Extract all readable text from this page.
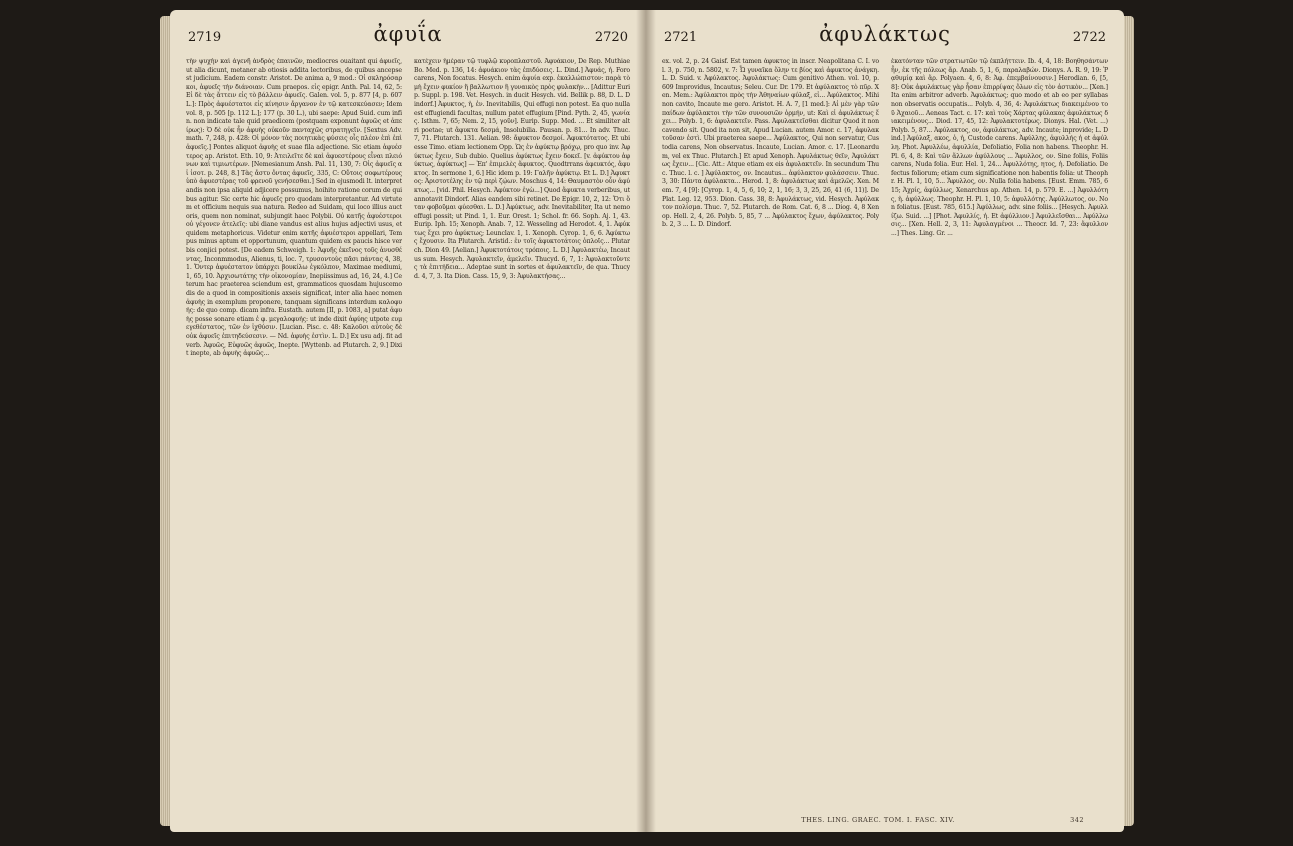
2719	ἀφυΐα	2720
τὴν ψυχὴν καὶ ἀγενῆ ἀνδρὸς ἐπαινῶν, mediocres ouaitant qui ἀφυεῖς, ut alia dicunt, metaner ab otiosis addita lectoribus, de quibus ancepsest judicium. Eadem constr. Aristot. De anima a, 9 mod.: Οἱ σκληρόσαρκοι, ἀφυεῖς τὴν διάνοιαν. Cum praepos. εἰς epigr. Anth. Pal. 14, 62, 5: Εἰ δὲ τὰς ἄττειν εἰς τὸ βάλλειν ἀφυεῖς. Galen. vol. 5, p. 877 [4, p. 607 L.]: Πρὸς ἀφυέστατοι εἰς κίνησιν ἄργανον ἐν τῷ κατεσκεύασεν; Idem vol. 8, p. 505 [p. 112 L.]; 177 (p. 30 L.), ubi saepe: Apud Suid. cum infin. non indicate tale quid praedicem (postquam exponunt ἀφυῶς et ἀπείρως): Ὁ δὲ οὐκ ἦν ἀφυὴς οὐκοῦν πανταχῶς στρατηγεῖν. [Sextus Adv. math. 7, 248, p. 428: Οἱ μόνον τὰς ποιητικὰς φύσεις οἶς πλέον ἐπὶ ἐπὶ ἀφυεῖς.] Pontes aliquot ἀφυὴς et suae fila adjectione. Sic etiam ἀφυέστερος ap. Aristot. Eth. 10, 9: Ἀτειλεῖτε δὲ καὶ ἀφυεστέρους εἶναι πλειόνων καὶ τιμιωτέρων. [Nemesianum Ansh. Pal. 11, 130, 7: Οἱς ἀφυεῖς αἱ ἰσοτ. p. 248, 8.] Τὰς ἄστυ ὄντας ἀφυεῖς, 335, C: Οὔτοις σοφωτέρους ὑπὸ ἀφυεστέρας τοῦ φρενοῦ γενήσεσθαι.] Sed in ejusmodi lt. interpretandis non ipsa aliquid adjicere possumus, hoihito ratione corum de quibus agitur. Sic certe hic ἀφυεῖς pro quodam interpretantur. Ad virtutem et officium nequis sua natura. Redeo ad Suidam, qui loco illius auctoris, quem non nominat, subjungit haec Polybii. Οὐ κατῆς ἀφυέστεροι οὐ γέγονεν ἀτελεῖς: ubi diane vandus est alius hujus adjectivi usus, et quidem metaphoricus. Videtur enim κατῆς ἀφυέστεροι appellari, Tempus minus aptum et opportunum, quantum quidem ex paucis hisce verbis conjici potest. [De eadem Schweigh. 1: Ἀφυῆς ἐκεῖνος τοῦς ἀνυσθέντας, Inconmmodus, Alienus, ti, loc. 7, τρυσοντοὺς πᾶσι πάντας 4, 38, 1. Ὄντερ ἀφυέστατον ὑπάρχει βουκίλω ἐγκόλπον, Maximae mediumi, 1, 65, 10. Ἀρχισωτάτης τὴν οἰκονομίαν, Inepiissimus ad, 16, 24, 4.] Ceterum hac praeterea sciendum est, grammaticos quosdam hujuscemodis de a quod in compositionis axseis significat, inter alia haec nomen ἀφυὴς in exemplum proponere, tanquam significans interdum καλοφυής: de quo comp. dicam infra. Eustath. autem [II, p. 1083, a] putat ἀφυὴς posse sonare etiam ἐ φ. μεγαλοφυής: ut inde dixit ἀφύης utpote ευμεγεθέστατος, τῶν ἐν ἰχθύσιν. [Lucian. Pisc. c. 48: Καλοῦσι αὐτοὺς δὲ οὐκ ἀφυεῖς ἐπιτηδεύσεσιν. — Nd. ἀφυὴς ἐστὶν. L. D.] Ex usu adj. fit adverb. Ἀφυῶς, Εὐφυῶς ἀφυῶς, Inepte. [Wyttenb. ad Plutarch. 2, 9.] Dixit inepte, ab ἀφυὴς ἀφυῶς...
κατέχειν ἡμέραν τῷ τυφλῷ κυροπλαστοῦ. Ἀφυάκιον, De Rep. Muthiae Bo. Med. p. 136, 14: ἀφυάκιον τὰς ἐπιδύσεις. L. Dind.] Ἀφυάς, ἡ. Foro carens, Non focatus. Hesych. enim ἀφυία exp. ἐκαλλώπιστον: παρὰ τὸ μὴ ἔχειν φυκίον ἢ βαλλωτιον ἢ γυναικὸς πρὸς φυλακὴν... [Adittur Eurip. Suppl. p. 198. Vet. Hesych. in ducit Hesych. vid. Bellik p. 88, D. L. Dindorf.] Ἀφυκτος, ἡ, ἐν. Inevitabilis, Qui effugi non potest. Ea quo nulla est effugiendi facultas, nullum patet effugium [Pind. Pyth. 2, 45, γωνίας. Isthm. 7, 65; Nem. 2, 15, γοῦν]. Eurip. Supp. Med. ... Et similiter altri poetae; ut ἄφυκτα δεσμά, Insolubilia. Pausan. p. 81... In adv. Thuc. 7, 71. Plutarch. 131. Aelian. 98: ἄφυκτον δεσμοί. Ἀφυκτότατος. Et ubi esse Timo. etiam lectionem Opp. Ὡς ἐν ἀφύκτῳ βρόχῳ, pro quo inv. Ἀφύκτως ἔχειν, Sub dubio. Quelius ἀφύκτως ἔχειν δοκεῖ. [v. ἀφύκτου ἀφύκτως, ἀφύκτως] — Ἐπ' ἐπιμελὲς ἄφυκτος. Quodtrrans ἀφευκτός, ἄφυκτος. In sermone 1, 6.] Hic idem p. 19: Γαλῆν ἀφύκτῳ. Et L. D.] Ἀφυκτος: Ἀριστοτέλης ἐν τῷ περὶ ζῴων. Moschus 4, 14: Θαυμαστὸν οὖν ἀφύκτως... [vid. Phil. Hesych. Ἀφύκτον ἐγὼ...] Quod ἄφυκτα verberibus, ut annotavit Dindorf. Alias eandem sibi retinet. De Epigr. 10, 2, 12: Ὅτι ὅταν φοβοῦμαι φύεσθαι. L. D.] Ἀφύκτως, adv. Inevitabiliter, Ita ut nemo effugi possit; ut Pind. 1, 1. Eur. Orest. 1; Schol. fr. 66. Soph. Aj. 1, 43. Eurip. Iph. 15; Xenoph. Anab. 7, 12. Wesseling ad Herodot. 4, 1. Ἀφύκτως ἔχει pro ἀφύκτως; Leunclav. 1, 1. Xenoph. Cyrop. 1, 6, 6. Ἀφύκτως ἔχουσιν. Ita Plutarch. Aristid.: ἐν τοῖς ἀφυκτοτάτοις ὀπλοῖς... Plutarch. Dion 49. [Aelian.] Ἀφυκτοτάτοις τρόποις. L. D.] Ἀφυλακτέω, Incautus sum. Hesych. Ἀφυλακτεῖν, ἀμελεῖν. Thucyd. 6, 7, 1: Ἀφυλακτοῦντες τὰ ἐπιτήδεια... Adeptae sunt in sortes et ἀφυλακτεῖν, de qua. Thucyd. 4, 7, 3. Ita Dion. Cass. 15, 9, 3: Ἀφυλακτήσας...
2721	ἀφυλάκτως	2722
ex. vol. 2, p. 24 Gaisf. Est tamen ἀφυκτος in inscr. Neapolitana C. I. vol. 3, p. 750, n. 5802, v. 7: Ὦ γυναῖκα ὅλην τε βίος καὶ ἀφυκτος ἀνάγκη. L. D. Suid. v. Ἀφύλακτος. Ἀφυλάκτως: Cum genitivo Athen. vol. 10, p. 609 Improvidus, Incautus; Seleu. Cur. Dr. 179. Et ἀφύλακτος τὸ πῦρ. Xen. Mem.: Ἀφύλακτοι πρὸς τὴν Ἀθηναίων φύλαξ, εἰ... Ἀφύλακτος. Mihi non cavito, Incaute me gero. Aristot. H. A. 7, [1 med.]: Αἱ μὲν γὰρ τῶν παίδων ἀφύλακτοι τὴν τῶν συνουσιῶν ὁρμήν, ut: Καὶ εἰ ἀφυλάκτως ἔχει... Polyb. 1, 6: ἀφυλακτεῖν. Pass. Ἀφυλακτεῖσθαι dicitur Quod it non cavendo sit. Quod ita non sit, Apud Lucian. autem Amor. c. 17, ἀφυλακτοῦσαν ἐστὶ. Ubi praeterea saepe... Ἀφύλακτος, Qui non servatur, Custodia carens, Non observatus. Incaute, Lucian. Amor. c. 17. [Leonardum, vel ex Thuc. Plutarch.] Et apud Xenoph. Ἀφυλάκτως θεῖν, Ἀφυλάκτως ἔχειν... [Cic. Att.: Atque etiam ex eis ἀφυλακτεῖν. In secundum Thuc. Thuc. l. c. ] Ἀφύλακτος, ον. Incautus... ἀφύλακτον φυλάσσειν. Thuc. 3, 30: Πάντα ἀφύλακτα... Herod. 1, 8: ἀφυλάκτως καὶ ἀμελῶς. Xen. Mem. 7, 4 [9]: [Cyrop. 1, 4, 5, 6, 10; 2, 1, 16; 3, 3, 25, 26, 41 (6, 11)]. De Plat. Leg. 12, 953. Dion. Cass. 38, 8: Ἀφυλάκτως, vid. Hesych. Ἀφύλακτον πολίσμα. Thuc. 7, 52. Plutarch. de Rom. Cat. 6, 8 ... Diog. 4, 8 Xenop. Hell. 2, 4, 26. Polyb. 5, 85, 7 ... Ἀφύλακτος ἔχων, ἀφύλακτος. Polyb. 2, 3 ... L. D. Dindorf.
ἐκατόνταν τῶν στρατιωτῶν τῷ ἐκπλήττειν. Ib. 4, 4, 18: Βοηθησάντων ἦν, ἐκ τῆς πόλεως ἄρ. Anab. 5, 1, 6, παραλαβών. Dionys. A. R. 9, 19: Ῥᾳθυμίᾳ καὶ ἄρ. Polyaen. 4, 6, 8: Ἀφ. ἐπεμβαίνουσιν.] Herodian. 6, [5, 8]: Οὐκ ἀφυλάκτως γὰρ ἦσαν ἐπιρρίψας ὅλων εἰς τὸν ἀστικὸν... [Xen.] Ita enim arbitror adverb. Ἀφυλάκτως; quo modo et ab eo per syllabas non observatis occupatis... Polyb. 4, 36, 4: Ἀφυλάκτως διακειμένου τοῦ Ἀχαιοῦ... Aeneas Tact. c. 17: καὶ τοὺς Χάρτας φύλακας ἀφυλάκτως διακειμένους... Diod. 17, 45, 12: Ἀφυλακτοτέρως. Dionys. Hal. (Vet. ...) Polyb. 5, 87... Ἀφύλακτος, ον, ἀφυλάκτως, adv. Incaute; inprovide; L. Dind.] Ἀφύλαξ, ακος, ὁ, ἡ, Custode carens. Ἀφύλλης, ἀφυλλής ἡ et ἀφύλλη. Phot. Ἀφυλλέω, ἀφυλλία, Defoliatio, Folia non habens. Theophr. H. Pl. 6, 4, 8: Καὶ τῶν ἄλλων ἀφύλλους ... Ἄφυλλος, ον. Sine foliis, Foliis carens, Nuda folia. Eur. Hel. 1, 24... Ἀφυλλότης, ητος, ἡ. Defoliatio. Defectus foliorum; etiam cum significatione non habentis folia: ut Theophr. H. Pl. 1, 10, 5... Ἄφυλλος, ον. Nulla folia habens. [Eust. Emm. 785, 615; Ἀχρίς, ἀφύλλως, Xenarchus ap. Athen. 14, p. 579. E. ...] Ἀφυλλότης, ἡ. ἀφύλλως. Theophr. H. Pl. 1, 10, 5: ἀφυλλότης. Ἀφύλλωτος, ον. Non foliatus. [Eust. 785, 615.] Ἀφύλλως, adv. sine foliis... [Hesych. Ἀφυλλίζω. Suid. ...] [Phot. Ἀφυλλίς, ἡ. Et ἀφύλλιον.] Ἀφυλλεῖσθαι... Ἀφύλλωσις... [Xen. Hell. 2, 3, 11: Ἀφυλαγμένοι ... Theocr. Id. 7, 23: ἄφυλλον ...] Thes. Ling. Gr. ...
THES. LING. GRAEC. TOM. I. FASC. XIV.	342
